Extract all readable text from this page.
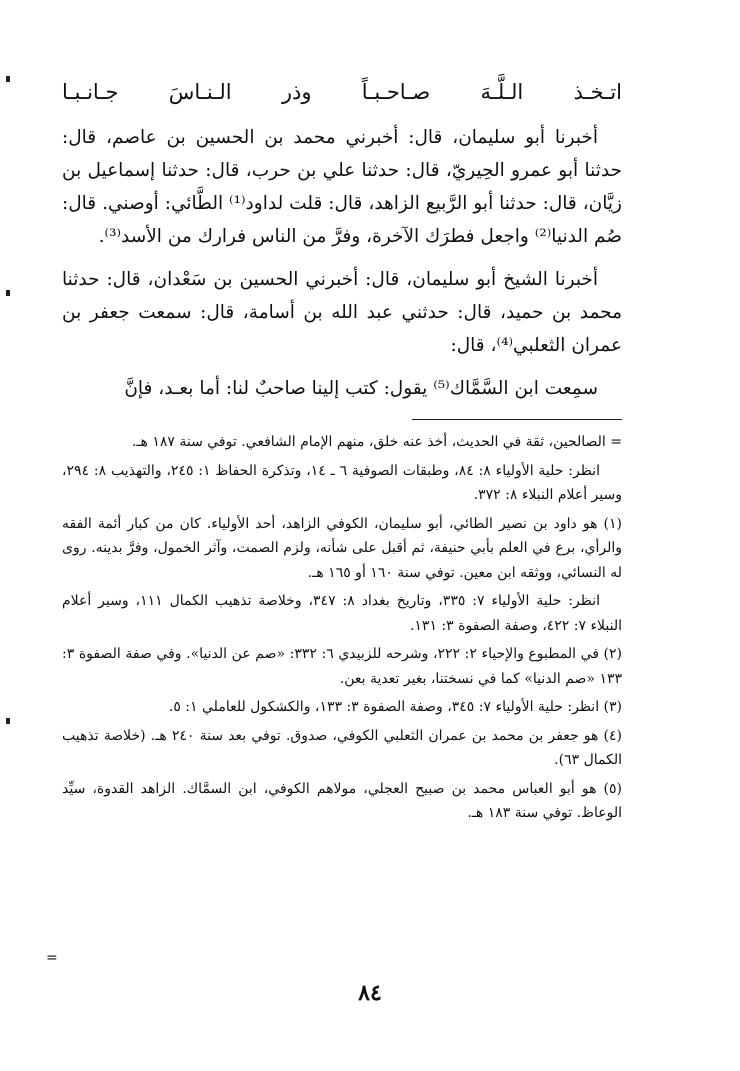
اتـخـذ
الـلَّـهَ
صـاحـبـاً
وذر
الـنـاسَ
جـانـبـا

أخبرنا أبو سليمان، قال: أخبرني محمد بن الحسين بن عاصم، قال: حدثنا أبو عمرو الحِيريّ، قال: حدثنا علي بن حرب، قال: حدثنا إسماعيل بن زيَّان، قال: حدثنا أبو الرَّبيع الزاهد، قال: قلت لداود⁽¹⁾ الطَّائي: أوصني. قال: صُم الدنيا⁽²⁾ واجعل فطرَك الآخرة، وفرَّ من الناس فرارك من الأسد⁽³⁾.

أخبرنا الشيخ أبو سليمان، قال: أخبرني الحسين بن سَعْدان، قال: حدثنا محمد بن حميد، قال: حدثني عبد الله بن أسامة، قال: سمعت جعفر بن عمران الثعلبي⁽⁴⁾، قال:

سمِعت ابن السَّمَّاك⁽⁵⁾ يقول: كتب إلينا صاحبٌ لنا: أما بعـد، فإنَّ

= الصالحين، ثقة في الحديث، أخذ عنه خلق، منهم الإمام الشافعي. توفي سنة ١٨٧ هـ.

انظر: حلية الأولياء ٨: ٨٤، وطبقات الصوفية ٦ ـ ١٤، وتذكرة الحفاظ ١: ٢٤٥، والتهذيب ٨: ٢٩٤، وسير أعلام النبلاء ٨: ٣٧٢.

(١) هو داود بن نصير الطائي، أبو سليمان، الكوفي الزاهد، أحد الأولياء. كان من كبار أئمة الفقه والرأي، برع في العلم بأبي حنيفة، ثم أقبل على شأنه، ولزم الصمت، وآثر الخمول، وفرَّ بدينه. روى له النسائي، ووثقه ابن معين. توفي سنة ١٦٠ أو ١٦٥ هـ.

انظر: حلية الأولياء ٧: ٣٣٥، وتاريخ بغداد ٨: ٣٤٧، وخلاصة تذهيب الكمال ١١١، وسير أعلام النبلاء ٧: ٤٢٢، وصفة الصفوة ٣: ١٣١.

(٢) في المطبوع والإحياء ٢: ٢٢٢، وشرحه للزبيدي ٦: ٣٣٢: «صم عن الدنيا». وفي صفة الصفوة ٣: ١٣٣ «صم الدنيا» كما في نسختنا، بغير تعدية بعن.

(٣) انظر: حلية الأولياء ٧: ٣٤٥، وصفة الصفوة ٣: ١٣٣، والكشكول للعاملي ١: ٥.

(٤) هو جعفر بن محمد بن عمران الثعلبي الكوفي، صدوق. توفي بعد سنة ٢٤٠ هـ. (خلاصة تذهيب الكمال ٦٣).

(٥) هو أبو العباس محمد بن صبيح العجلي، مولاهم الكوفي، ابن السمَّاك. الزاهد القدوة، سيِّد الوعاظ. توفي سنة ١٨٣ هـ.

=
٨٤
